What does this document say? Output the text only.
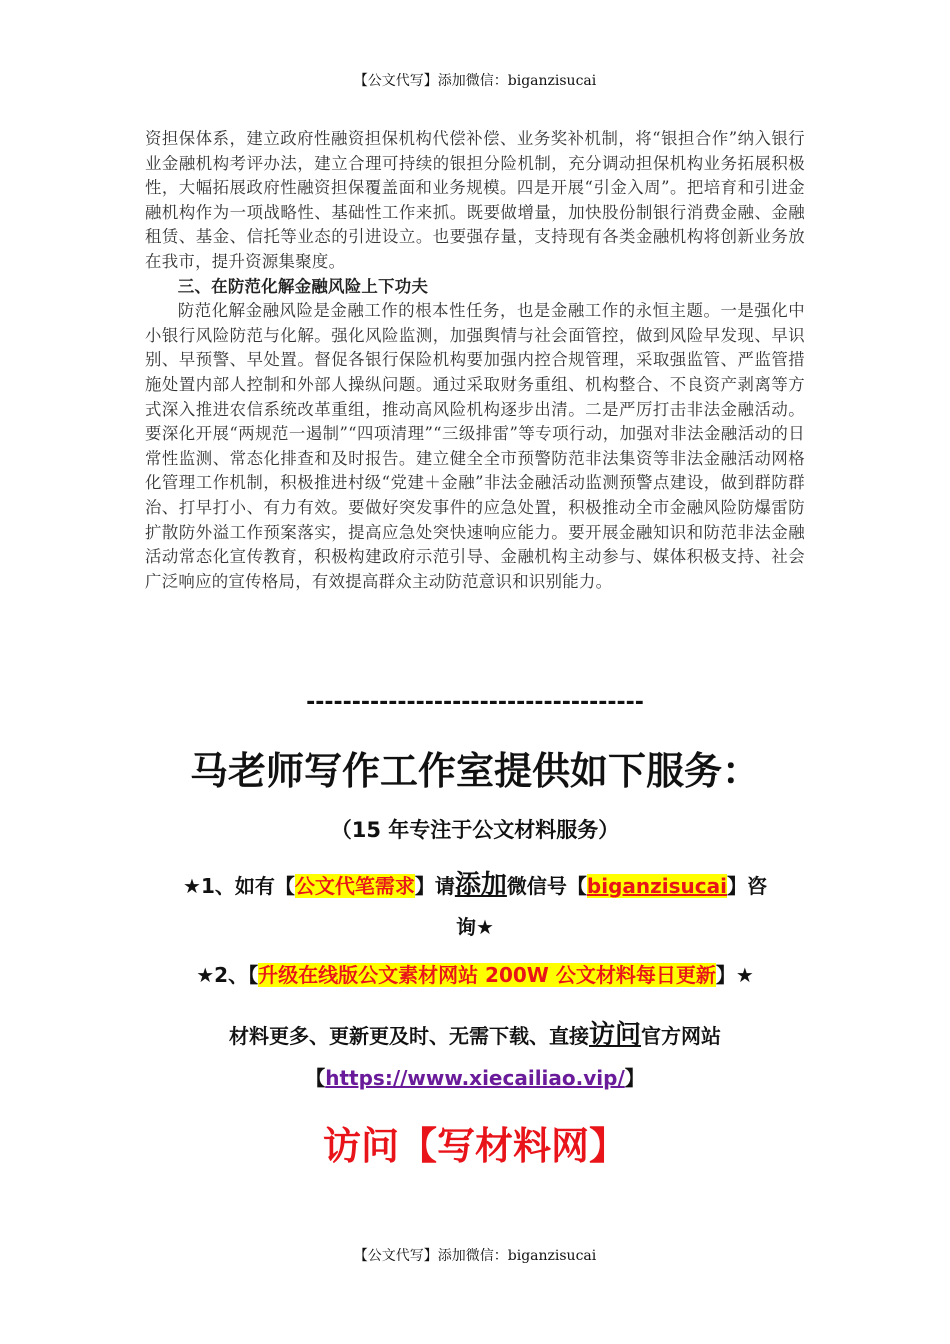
【公文代写】添加微信：biganzisucai

资担保体系，建立政府性融资担保机构代偿补偿、业务奖补机制，将“银担合作”纳入银行业金融机构考评办法，建立合理可持续的银担分险机制，充分调动担保机构业务拓展积极性，大幅拓展政府性融资担保覆盖面和业务规模。四是开展“引金入周”。把培育和引进金融机构作为一项战略性、基础性工作来抓。既要做增量，加快股份制银行消费金融、金融租赁、基金、信托等业态的引进设立。也要强存量，支持现有各类金融机构将创新业务放在我市，提升资源集聚度。

三、在防范化解金融风险上下功夫

防范化解金融风险是金融工作的根本性任务，也是金融工作的永恒主题。一是强化中小银行风险防范与化解。强化风险监测，加强舆情与社会面管控，做到风险早发现、早识别、早预警、早处置。督促各银行保险机构要加强内控合规管理，采取强监管、严监管措施处置内部人控制和外部人操纵问题。通过采取财务重组、机构整合、不良资产剥离等方式深入推进农信系统改革重组，推动高风险机构逐步出清。二是严厉打击非法金融活动。要深化开展“两规范一遏制”“四项清理”“三级排雷”等专项行动，加强对非法金融活动的日常性监测、常态化排查和及时报告。建立健全全市预警防范非法集资等非法金融活动网格化管理工作机制，积极推进村级“党建＋金融”非法金融活动监测预警点建设，做到群防群治、打早打小、有力有效。要做好突发事件的应急处置，积极推动全市金融风险防爆雷防扩散防外溢工作预案落实，提高应急处突快速响应能力。要开展金融知识和防范非法金融活动常态化宣传教育，积极构建政府示范引导、金融机构主动参与、媒体积极支持、社会广泛响应的宣传格局，有效提高群众主动防范意识和识别能力。

-------------------------------------
马老师写作工作室提供如下服务：
（15 年专注于公文材料服务）
★1、如有【公文代笔需求】请添加微信号【biganzisucai】咨
询★
★2、【升级在线版公文素材网站 200W 公文材料每日更新】★
材料更多、更新更及时、无需下载、直接访问官方网站
【https://www.xiecailiao.vip/】
访问【写材料网】
【公文代写】添加微信：biganzisucai
